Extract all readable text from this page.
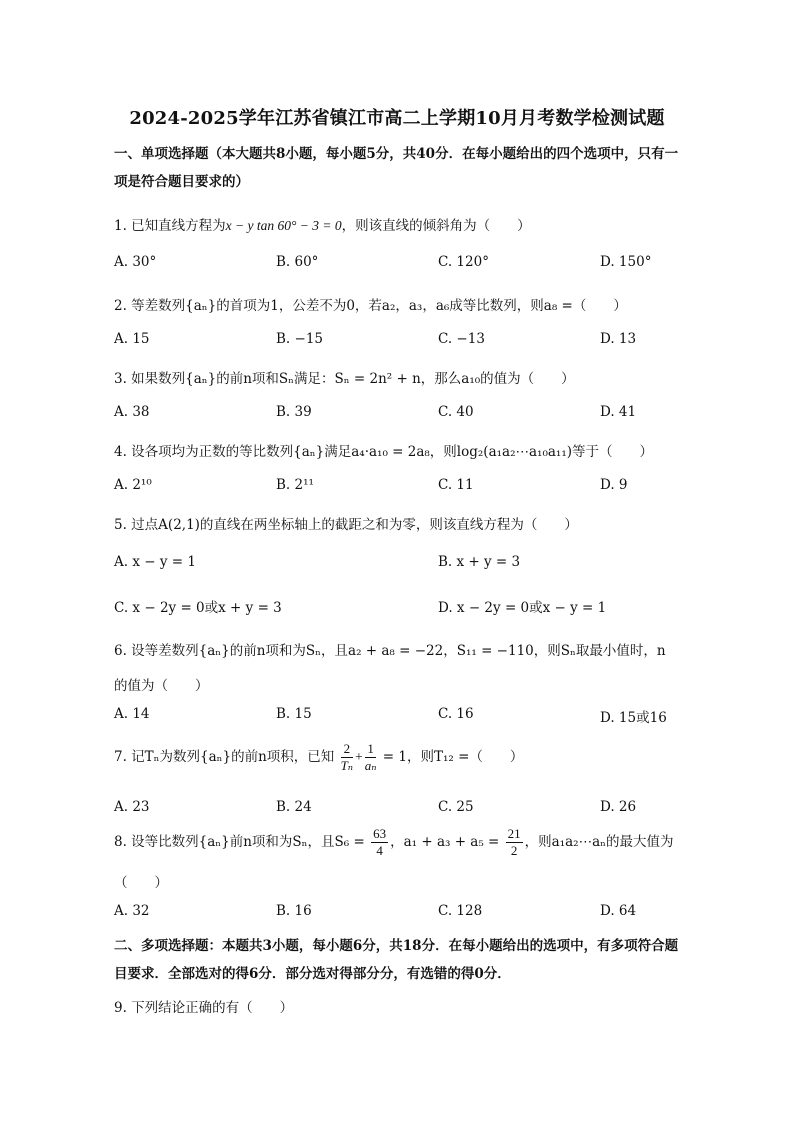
2024-2025学年江苏省镇江市高二上学期10月月考数学检测试题
一、单项选择题（本大题共8小题，每小题5分，共40分．在每小题给出的四个选项中，只有一项是符合题目要求的）
1. 已知直线方程为x − y tan 60° − 3 = 0，则该直线的倾斜角为（　　）
A. 30°	B. 60°	C. 120°	D. 150°
2. 等差数列{aₙ}的首项为1，公差不为0，若a₂，a₃，a₆成等比数列，则a₈ =（　　）
A. 15	B. −15	C. −13	D. 13
3. 如果数列{aₙ}的前n项和Sₙ满足：Sₙ = 2n² + n，那么a₁₀的值为（　　）
A. 38	B. 39	C. 40	D. 41
4. 设各项均为正数的等比数列{aₙ}满足a₄·a₁₀ = 2a₈，则log₂(a₁a₂⋯a₁₀a₁₁)等于（　　）
A. 2¹⁰	B. 2¹¹	C. 11	D. 9
5. 过点A(2,1)的直线在两坐标轴上的截距之和为零，则该直线方程为（　　）
A. x − y = 1	B. x + y = 3
C. x − 2y = 0或x + y = 3	D. x − 2y = 0或x − y = 1
6. 设等差数列{aₙ}的前n项和为Sₙ，且a₂ + a₈ = −22，S₁₁ = −110，则Sₙ取最小值时，n
的值为（　　）
A. 14	B. 15	C. 16	D. 15或16
7. 记Tₙ为数列{aₙ}的前n项积，已知 $\frac{2}{\text{Tₙ}} + \frac{1}{\text{aₙ}} = 1$，则T₁₂ =（　　）
A. 23	B. 24	C. 25	D. 26
8. 设等比数列{aₙ}前n项和为Sₙ，且$S_6 = \frac{63}{4}$ ，$a_1 + a_3 + a_5 = \frac{21}{2}$ ，则a₁a₂⋯aₙ的最大值为
（　　）
A. 32	B. 16	C. 128	D. 64
二、多项选择题：本题共3小题，每小题6分，共18分．在每小题给出的选项中，有多项符合题目要求．全部选对的得6分．部分选对得部分分，有选错的得0分．
9. 下列结论正确的有（　　）
